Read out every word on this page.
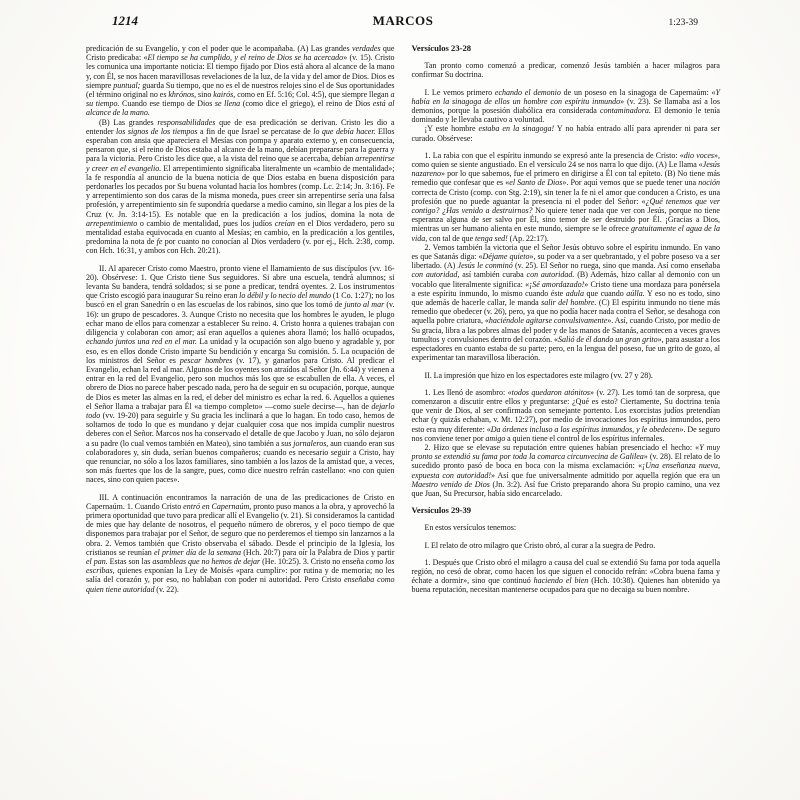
1214	MARCOS	1:23-39

predicación de su Evangelio, y con el poder que le acompañaba. (A) Las grandes verdades que Cristo predicaba: «El tiempo se ha cumplido, y el reino de Dios se ha acercado» (v. 15). Cristo les comunica una importante noticia: El tiempo fijado por Dios está ahora al alcance de la mano y, con Él, se nos hacen maravillosas revelaciones de la luz, de la vida y del amor de Dios. Dios es siempre puntual; guarda Su tiempo, que no es el de nuestros relojes sino el de Sus oportunidades (el término original no es khrónos, sino kairós, como en Ef. 5:16; Col. 4:5), que siempre llegan a su tiempo. Cuando ese tiempo de Dios se llena (como dice el griego), el reino de Dios está al alcance de la mano.

(B) Las grandes responsabilidades que de esa predicación se derivan. Cristo les dio a entender los signos de los tiempos a fin de que Israel se percatase de lo que debía hacer. Ellos esperaban con ansia que apareciera el Mesías con pompa y aparato externo y, en consecuencia, pensaron que, si el reino de Dios estaba al alcance de la mano, debían prepararse para la guerra y para la victoria. Pero Cristo les dice que, a la vista del reino que se acercaba, debían arrepentirse y creer en el evangelio. El arrepentimiento significaba literalmente un «cambio de mentalidad»; la fe respondía al anuncio de la buena noticia de que Dios estaba en buena disposición para perdonarles los pecados por Su buena voluntad hacia los hombres (comp. Lc. 2:14; Jn. 3:16). Fe y arrepentimiento son dos caras de la misma moneda, pues creer sin arrepentirse sería una falsa profesión, y arrepentimiento sin fe supondría quedarse a medio camino, sin llegar a los pies de la Cruz (v. Jn. 3:14-15). Es notable que en la predicación a los judíos, domina la nota de arrepentimiento o cambio de mentalidad, pues los judíos creían en el Dios verdadero, pero su mentalidad estaba equivocada en cuanto al Mesías; en cambio, en la predicación a los gentiles, predomina la nota de fe por cuanto no conocían al Dios verdadero (v. por ej., Hch. 2:38, comp. con Hch. 16:31, y ambos con Hch. 20:21).

II. Al aparecer Cristo como Maestro, pronto viene el llamamiento de sus discípulos (vv. 16-20). Obsérvese: 1. Que Cristo tiene Sus seguidores. Si abre una escuela, tendrá alumnos; si levanta Su bandera, tendrá soldados; si se pone a predicar, tendrá oyentes. 2. Los instrumentos que Cristo escogió para inaugurar Su reino eran lo débil y lo necio del mundo (1 Co. 1:27); no los buscó en el gran Sanedrín o en las escuelas de los rabinos, sino que los tomó de junto al mar (v. 16): un grupo de pescadores. 3. Aunque Cristo no necesita que los hombres le ayuden, le plugo echar mano de ellos para comenzar a establecer Su reino. 4. Cristo honra a quienes trabajan con diligencia y colaboran con amor; así eran aquellos a quienes ahora llamó; los halló ocupados, echando juntos una red en el mar. La unidad y la ocupación son algo bueno y agradable y, por eso, es en ellos donde Cristo imparte Su bendición y encarga Su comisión. 5. La ocupación de los ministros del Señor es pescar hombres (v. 17), y ganarlos para Cristo. Al predicar el Evangelio, echan la red al mar. Algunos de los oyentes son atraídos al Señor (Jn. 6:44) y vienen a entrar en la red del Evangelio, pero son muchos más los que se escabullen de ella. A veces, el obrero de Dios no parece haber pescado nada, pero ha de seguir en su ocupación, porque, aunque de Dios es meter las almas en la red, el deber del ministro es echar la red. 6. Aquellos a quienes el Señor llama a trabajar para Él «a tiempo completo» —como suele decirse—, han de dejarlo todo (vv. 19-20) para seguirle y Su gracia les inclinará a que lo hagan. En todo caso, hemos de soltarnos de todo lo que es mundano y dejar cualquier cosa que nos impida cumplir nuestros deberes con el Señor. Marcos nos ha conservado el detalle de que Jacobo y Juan, no sólo dejaron a su padre (lo cual vemos también en Mateo), sino también a sus jornaleros, aun cuando eran sus colaboradores y, sin duda, serían buenos compañeros; cuando es necesario seguir a Cristo, hay que renunciar, no sólo a los lazos familiares, sino también a los lazos de la amistad que, a veces, son más fuertes que los de la sangre, pues, como dice nuestro refrán castellano: «no con quien naces, sino con quien paces».

III. A continuación encontramos la narración de una de las predicaciones de Cristo en Capernaúm. 1. Cuando Cristo entró en Capernaúm, pronto puso manos a la obra, y aprovechó la primera oportunidad que tuvo para predicar allí el Evangelio (v. 21). Si consideramos la cantidad de mies que hay delante de nosotros, el pequeño número de obreros, y el poco tiempo de que disponemos para trabajar por el Señor, de seguro que no perderemos el tiempo sin lanzarnos a la obra. 2. Vemos también que Cristo observaba el sábado. Desde el principio de la Iglesia, los cristianos se reunían el primer día de la semana (Hch. 20:7) para oír la Palabra de Dios y partir el pan. Estas son las asambleas que no hemos de dejar (He. 10:25). 3. Cristo no enseña como los escribas, quienes exponían la Ley de Moisés «para cumplir»: por rutina y de memoria; no les salía del corazón y, por eso, no hablaban con poder ni autoridad. Pero Cristo enseñaba como quien tiene autoridad (v. 22).

Versículos 23-28

Tan pronto como comenzó a predicar, comenzó Jesús también a hacer milagros para confirmar Su doctrina.

I. Le vemos primero echando el demonio de un poseso en la sinagoga de Capernaúm: «Y había en la sinagoga de ellos un hombre con espíritu inmundo» (v. 23). Se llamaba así a los demonios, porque la posesión diabólica era considerada contaminadora. El demonio le tenía dominado y le llevaba cautivo a voluntad.

¡Y este hombre estaba en la sinagoga! Y no había entrado allí para aprender ni para ser curado. Obsérvese:

1. La rabia con que el espíritu inmundo se expresó ante la presencia de Cristo: «dio voces», como quien se siente angustiado. En el versículo 24 se nos narra lo que dijo. (A) Le llama «Jesús nazareno» por lo que sabemos, fue el primero en dirigirse a Él con tal epíteto. (B) No tiene más remedio que confesar que es «el Santo de Dios». Por aquí vemos que se puede tener una noción correcta de Cristo (comp. con Stg. 2:19), sin tener la fe ni el amor que conducen a Cristo, es una profesión que no puede aguantar la presencia ni el poder del Señor: «¿Qué tenemos que ver contigo? ¿Has venido a destruirnos? No quiere tener nada que ver con Jesús, porque no tiene esperanza alguna de ser salvo por Él, sino temor de ser destruido por Él. ¡Gracias a Dios, mientras un ser humano alienta en este mundo, siempre se le ofrece gratuitamente el agua de la vida, con tal de que tenga sed! (Ap. 22:17).

2. Vemos también la victoria que el Señor Jesús obtuvo sobre el espíritu inmundo. En vano es que Satanás diga: «Déjame quieto», su poder va a ser quebrantado, y el pobre poseso va a ser libertado. (A) Jesús le conminó (v. 25). El Señor no ruega, sino que manda. Así como enseñaba con autoridad, así también curaba con autoridad. (B) Además, hizo callar al demonio con un vocablo que literalmente significa: «¡Sé amordazado!» Cristo tiene una mordaza para ponérsela a este espíritu inmundo, lo mismo cuando éste adula que cuando aúlla. Y eso no es todo, sino que además de hacerle callar, le manda salir del hombre. (C) El espíritu inmundo no tiene más remedio que obedecer (v. 26), pero, ya que no podía hacer nada contra el Señor, se desahoga con aquella pobre criatura, «haciéndole agitarse convulsivamente». Así, cuando Cristo, por medio de Su gracia, libra a las pobres almas del poder y de las manos de Satanás, acontecen a veces graves tumultos y convulsiones dentro del corazón. «Salió de él dando un gran grito», para asustar a los espectadores en cuanto estaba de su parte; pero, en la lengua del poseso, fue un grito de gozo, al experimentar tan maravillosa liberación.

II. La impresión que hizo en los espectadores este milagro (vv. 27 y 28).

1. Les llenó de asombro: «todos quedaron atónitos» (v. 27). Les tomó tan de sorpresa, que comenzaron a discutir entre ellos y preguntarse: ¿Qué es esto? Ciertamente, Su doctrina tenía que venir de Dios, al ser confirmada con semejante portento. Los exorcistas judíos pretendían echar (y quizás echaban, v. Mt. 12:27), por medio de invocaciones los espíritus inmundos, pero esto era muy diferente: «Da órdenes incluso a los espíritus inmundos, y le obedecen». De seguro nos conviene tener por amigo a quien tiene el control de los espíritus infernales.

2. Hizo que se elevase su reputación entre quienes habían presenciado el hecho: «Y muy pronto se extendió su fama por toda la comarca circunvecina de Galilea» (v. 28). El relato de lo sucedido pronto pasó de boca en boca con la misma exclamación: «¡Una enseñanza nueva, expuesta con autoridad!» Así que fue universalmente admitido por aquella región que era un Maestro venido de Dios (Jn. 3:2). Así fue Cristo preparando ahora Su propio camino, una vez que Juan, Su Precursor, había sido encarcelado.

Versículos 29-39

En estos versículos tenemos:

I. El relato de otro milagro que Cristo obró, al curar a la suegra de Pedro.

1. Después que Cristo obró el milagro a causa del cual se extendió Su fama por toda aquella región, no cesó de obrar, como hacen los que siguen el conocido refrán: «Cobra buena fama y échate a dormir», sino que continuó haciendo el bien (Hch. 10:38). Quienes han obtenido ya buena reputación, necesitan mantenerse ocupados para que no decaiga su buen nombre.
